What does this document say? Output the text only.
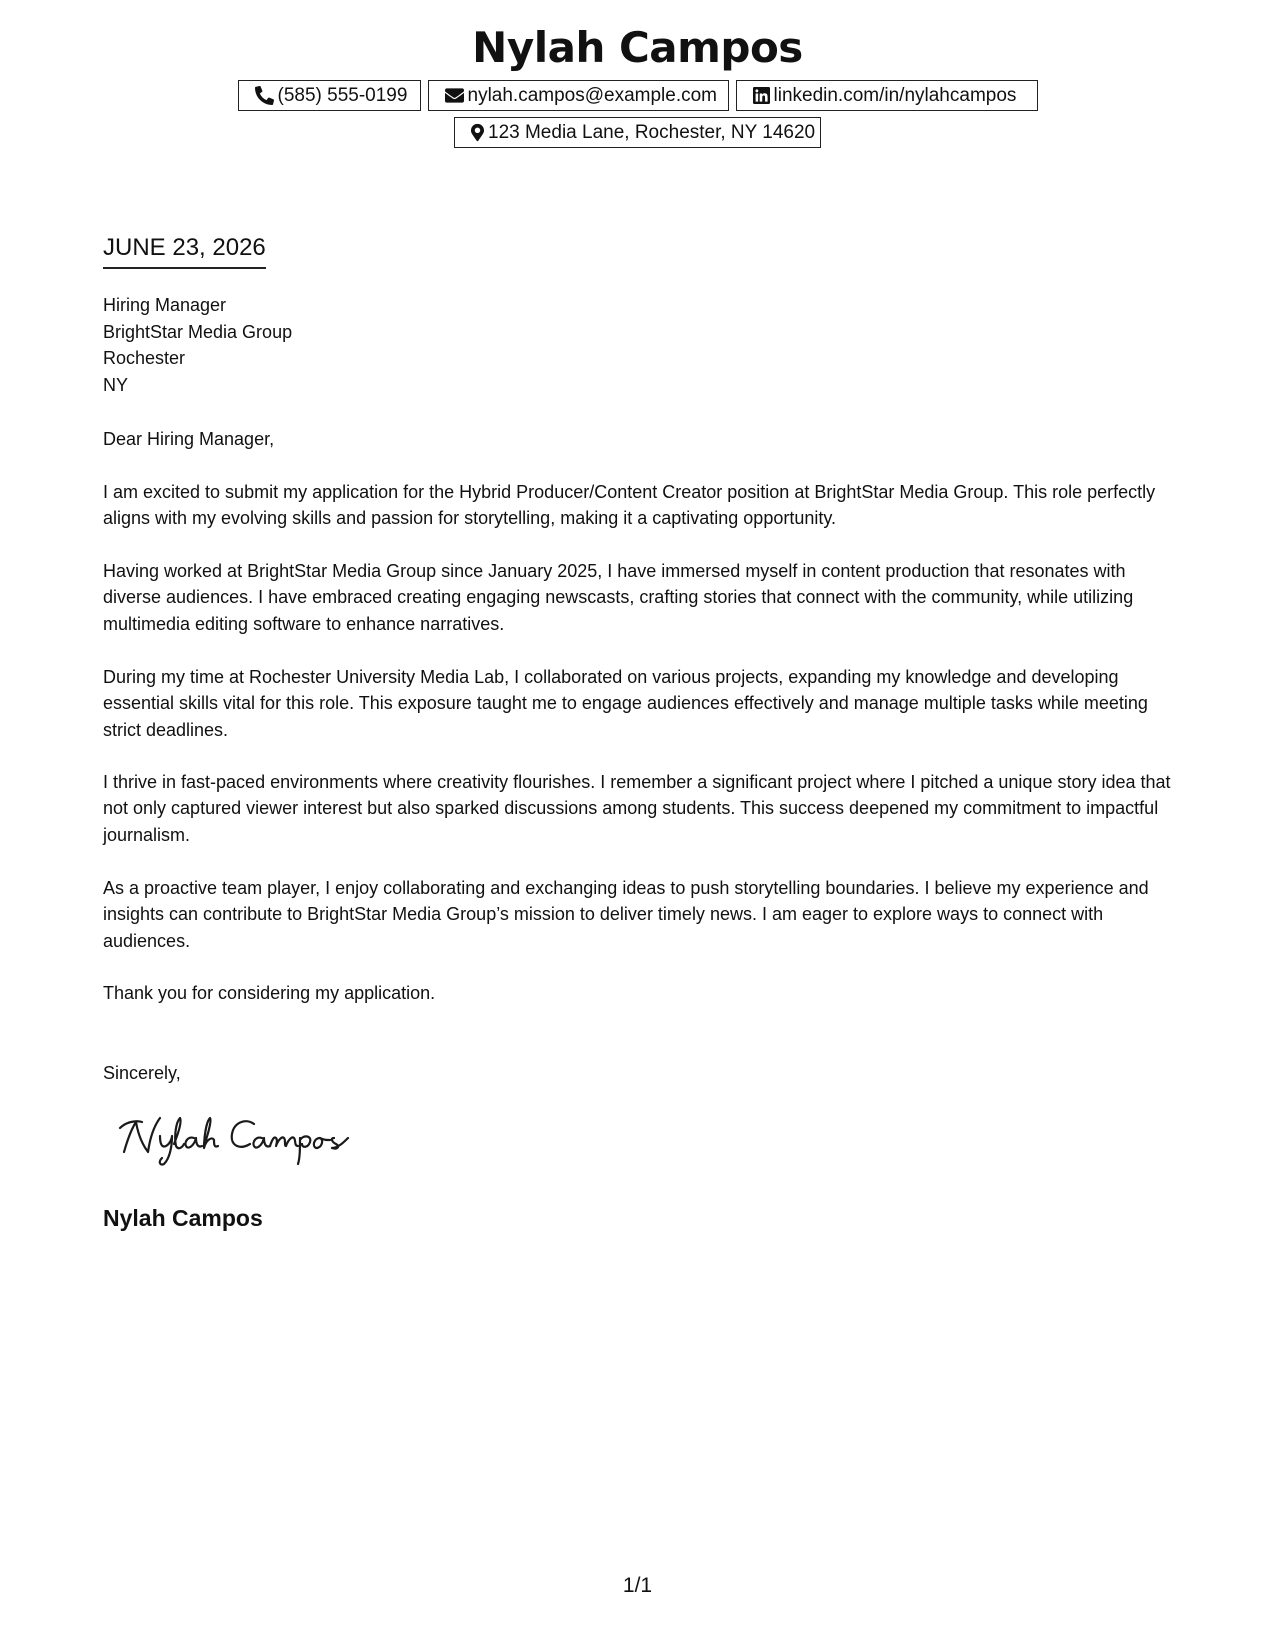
Nylah Campos
(585) 555-0199	nylah.campos@example.com	linkedin.com/in/nylahcampos
123 Media Lane, Rochester, NY 14620
JUNE 23, 2026
Hiring Manager
BrightStar Media Group
Rochester
NY
Dear Hiring Manager,

I am excited to submit my application for the Hybrid Producer/Content Creator position at BrightStar Media Group. This role perfectly aligns with my evolving skills and passion for storytelling, making it a captivating opportunity.

Having worked at BrightStar Media Group since January 2025, I have immersed myself in content production that resonates with diverse audiences. I have embraced creating engaging newscasts, crafting stories that connect with the community, while utilizing multimedia editing software to enhance narratives.

During my time at Rochester University Media Lab, I collaborated on various projects, expanding my knowledge and developing essential skills vital for this role. This exposure taught me to engage audiences effectively and manage multiple tasks while meeting strict deadlines.

I thrive in fast-paced environments where creativity flourishes. I remember a significant project where I pitched a unique story idea that not only captured viewer interest but also sparked discussions among students. This success deepened my commitment to impactful journalism.

As a proactive team player, I enjoy collaborating and exchanging ideas to push storytelling boundaries. I believe my experience and insights can contribute to BrightStar Media Group’s mission to deliver timely news. I am eager to explore ways to connect with audiences.

Thank you for considering my application.

Sincerely,
Nylah Campos
1/1
